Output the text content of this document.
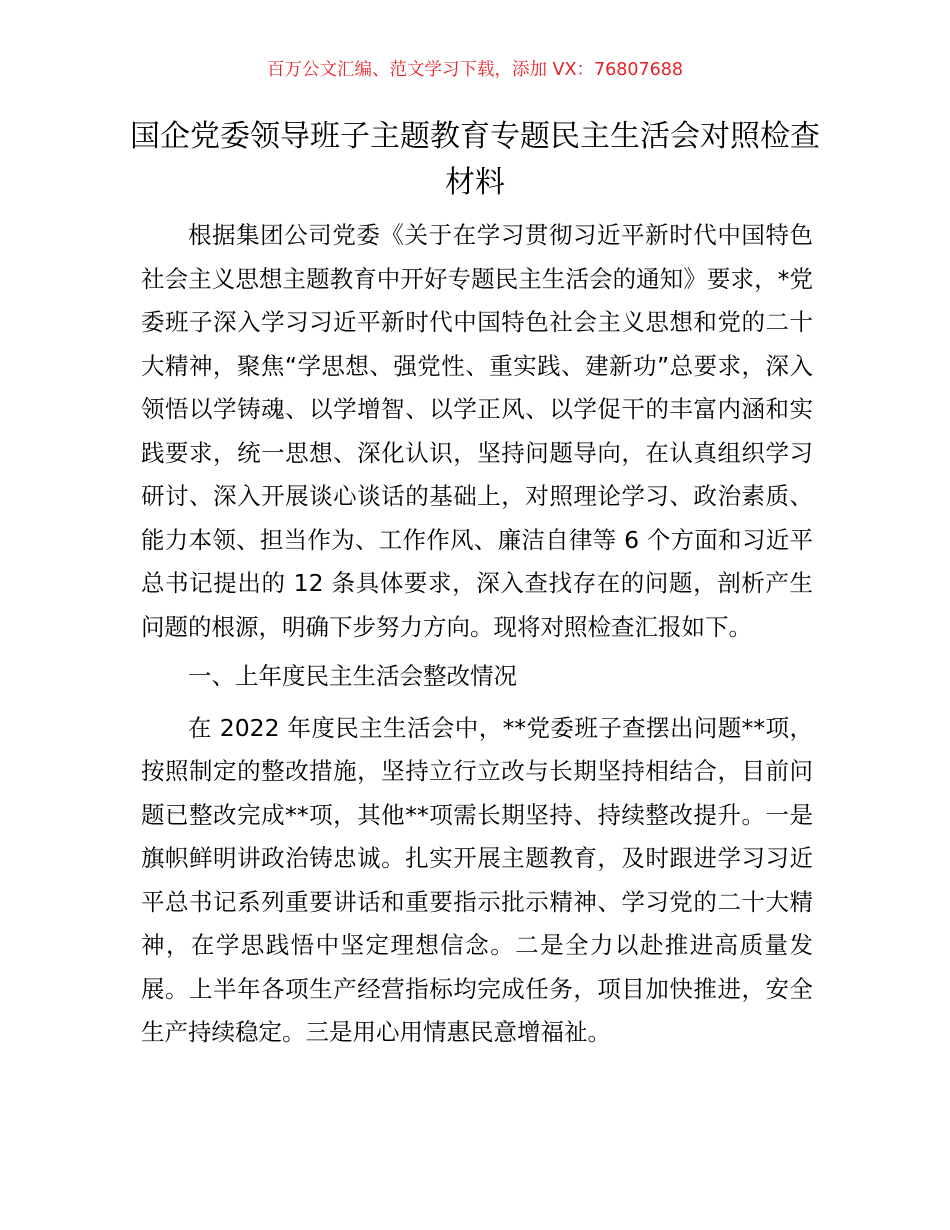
百万公文汇编、范文学习下载，添加 VX：76807688
国企党委领导班子主题教育专题民主生活会对照检查材料

根据集团公司党委《关于在学习贯彻习近平新时代中国特色社会主义思想主题教育中开好专题民主生活会的通知》要求，*党委班子深入学习习近平新时代中国特色社会主义思想和党的二十大精神，聚焦“学思想、强党性、重实践、建新功”总要求，深入领悟以学铸魂、以学增智、以学正风、以学促干的丰富内涵和实践要求，统一思想、深化认识，坚持问题导向，在认真组织学习研讨、深入开展谈心谈话的基础上，对照理论学习、政治素质、能力本领、担当作为、工作作风、廉洁自律等 6 个方面和习近平总书记提出的 12 条具体要求，深入查找存在的问题，剖析产生问题的根源，明确下步努力方向。现将对照检查汇报如下。

一、上年度民主生活会整改情况

在 2022 年度民主生活会中，**党委班子查摆出问题**项，按照制定的整改措施，坚持立行立改与长期坚持相结合，目前问题已整改完成**项，其他**项需长期坚持、持续整改提升。一是旗帜鲜明讲政治铸忠诚。扎实开展主题教育，及时跟进学习习近平总书记系列重要讲话和重要指示批示精神、学习党的二十大精神，在学思践悟中坚定理想信念。二是全力以赴推进高质量发展。上半年各项生产经营指标均完成任务，项目加快推进，安全生产持续稳定。三是用心用情惠民意增福祉。
